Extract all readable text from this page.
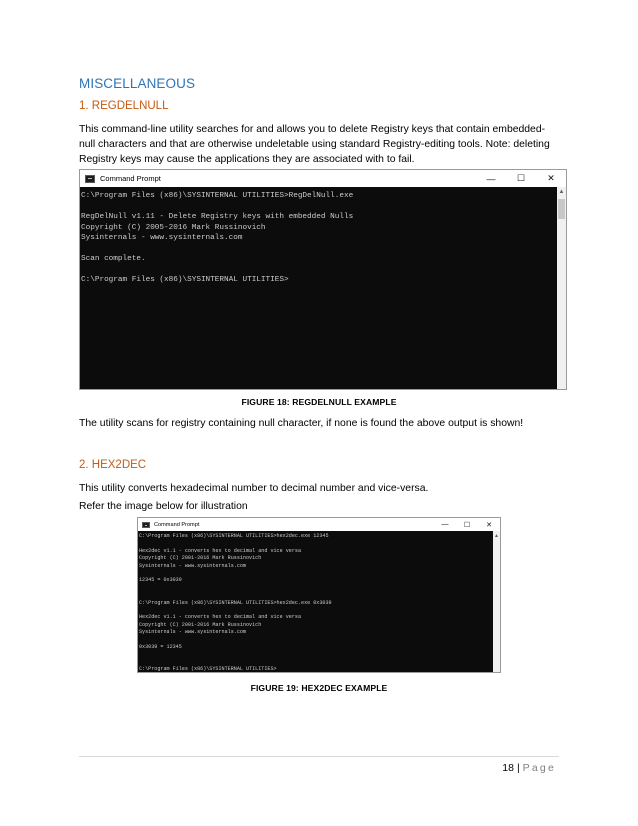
MISCELLANEOUS
1. REGDELNULL
This command-line utility searches for and allows you to delete Registry keys that contain embedded-
null characters and that are otherwise undeletable using standard Registry-editing tools. Note: deleting
Registry keys may cause the applications they are associated with to fail.
Command Prompt	—	☐	✕
C:\Program Files (x86)\SYSINTERNAL UTILITIES>RegDelNull.exe

RegDelNull v1.11 - Delete Registry keys with embedded Nulls
Copyright (C) 2005-2016 Mark Russinovich
Sysinternals - www.sysinternals.com

Scan complete.

C:\Program Files (x86)\SYSINTERNAL UTILITIES>
▲
FIGURE 18: REGDELNULL EXAMPLE
The utility scans for registry containing null character, if none is found the above output is shown!
2. HEX2DEC
This utility converts hexadecimal number to decimal number and vice-versa.
Refer the image below for illustration
Command Prompt	—	☐	✕
C:\Program Files (x86)\SYSINTERNAL UTILITIES>hex2dec.exe 12345

Hex2dec v1.1 - converts hex to decimal and vice versa
Copyright (C) 2001-2016 Mark Russinovich
Sysinternals - www.sysinternals.com

12345 = 0x3039

C:\Program Files (x86)\SYSINTERNAL UTILITIES>hex2dec.exe 0x3039

Hex2dec v1.1 - converts hex to decimal and vice versa
Copyright (C) 2001-2016 Mark Russinovich
Sysinternals - www.sysinternals.com

0x3039 = 12345

C:\Program Files (x86)\SYSINTERNAL UTILITIES>
▲
FIGURE 19: HEX2DEC EXAMPLE
18 | Page
